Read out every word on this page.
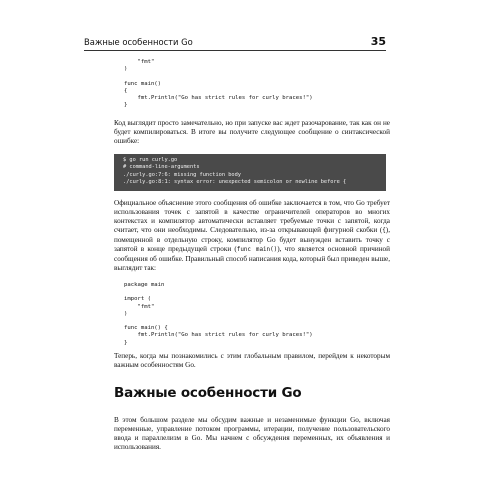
Важные особенности Go	35
"fmt"
)

func main()
{
fmt.Println("Go has strict rules for curly braces!")
}

Код выглядит просто замечательно, но при запуске вас ждет разочарование, так как он не будет компилироваться. В итоге вы получите следующее сообщение о синтаксической ошибке:

$ go run curly.go
# command-line-arguments
./curly.go:7:6: missing function body
./curly.go:8:1: syntax error: unexpected semicolon or newline before {

Официальное объяснение этого сообщения об ошибке заключается в том, что Go требует использования точек с запятой в качестве ограничителей операторов во многих контекстах и компилятор автоматически вставляет требуемые точки с запятой, когда считает, что они необходимы. Следовательно, из-за открывающей фигурной скобки ({), помещенной в отдельную строку, компилятор Go будет вынужден вставить точку с запятой в конце предыдущей строки (func main()), что является основной причиной сообщения об ошибке. Правильный способ написания кода, который был приведен выше, выглядит так:

package main

import (
"fmt"
)

func main() {
fmt.Println("Go has strict rules for curly braces!")
}

Теперь, когда мы познакомились с этим глобальным правилом, перейдем к некоторым важным особенностям Go.

Важные особенности Go

В этом большом разделе мы обсудим важные и незаменимые функции Go, включая переменные, управление потоком программы, итерации, получение пользовательского ввода и параллелизм в Go. Мы начнем с обсуждения переменных, их объявления и использования.
